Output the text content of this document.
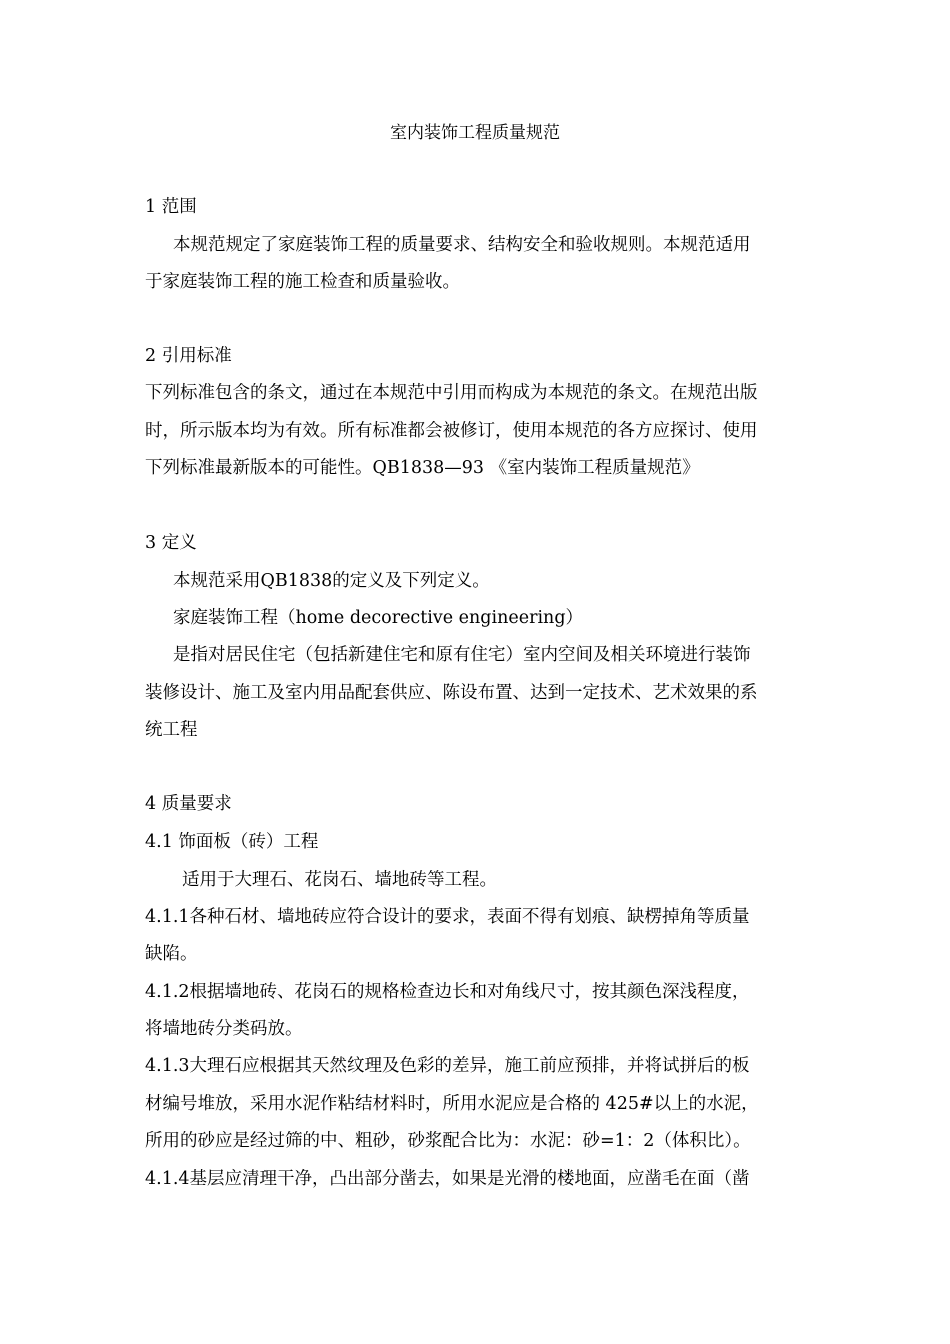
室内装饰工程质量规范
1 范围
本规范规定了家庭装饰工程的质量要求、结构安全和验收规则。本规范适用
于家庭装饰工程的施工检查和质量验收。
2 引用标准
下列标准包含的条文，通过在本规范中引用而构成为本规范的条文。在规范出版
时，所示版本均为有效。所有标准都会被修订，使用本规范的各方应探讨、使用
下列标准最新版本的可能性。QB1838—93 《室内装饰工程质量规范》
3 定义
本规范采用QB1838的定义及下列定义。
家庭装饰工程（home decorective engineering）
是指对居民住宅（包括新建住宅和原有住宅）室内空间及相关环境进行装饰
装修设计、施工及室内用品配套供应、陈设布置、达到一定技术、艺术效果的系
统工程
4 质量要求
4.1 饰面板（砖）工程
适用于大理石、花岗石、墙地砖等工程。
4.1.1各种石材、墙地砖应符合设计的要求，表面不得有划痕、缺楞掉角等质量
缺陷。
4.1.2根据墙地砖、花岗石的规格检查边长和对角线尺寸，按其颜色深浅程度，
将墙地砖分类码放。
4.1.3大理石应根据其天然纹理及色彩的差异，施工前应预排，并将试拼后的板
材编号堆放，采用水泥作粘结材料时，所用水泥应是合格的 425#以上的水泥，
所用的砂应是经过筛的中、粗砂，砂浆配合比为：水泥：砂=1：2（体积比）。
4.1.4基层应清理干净，凸出部分凿去，如果是光滑的楼地面，应凿毛在面（凿
